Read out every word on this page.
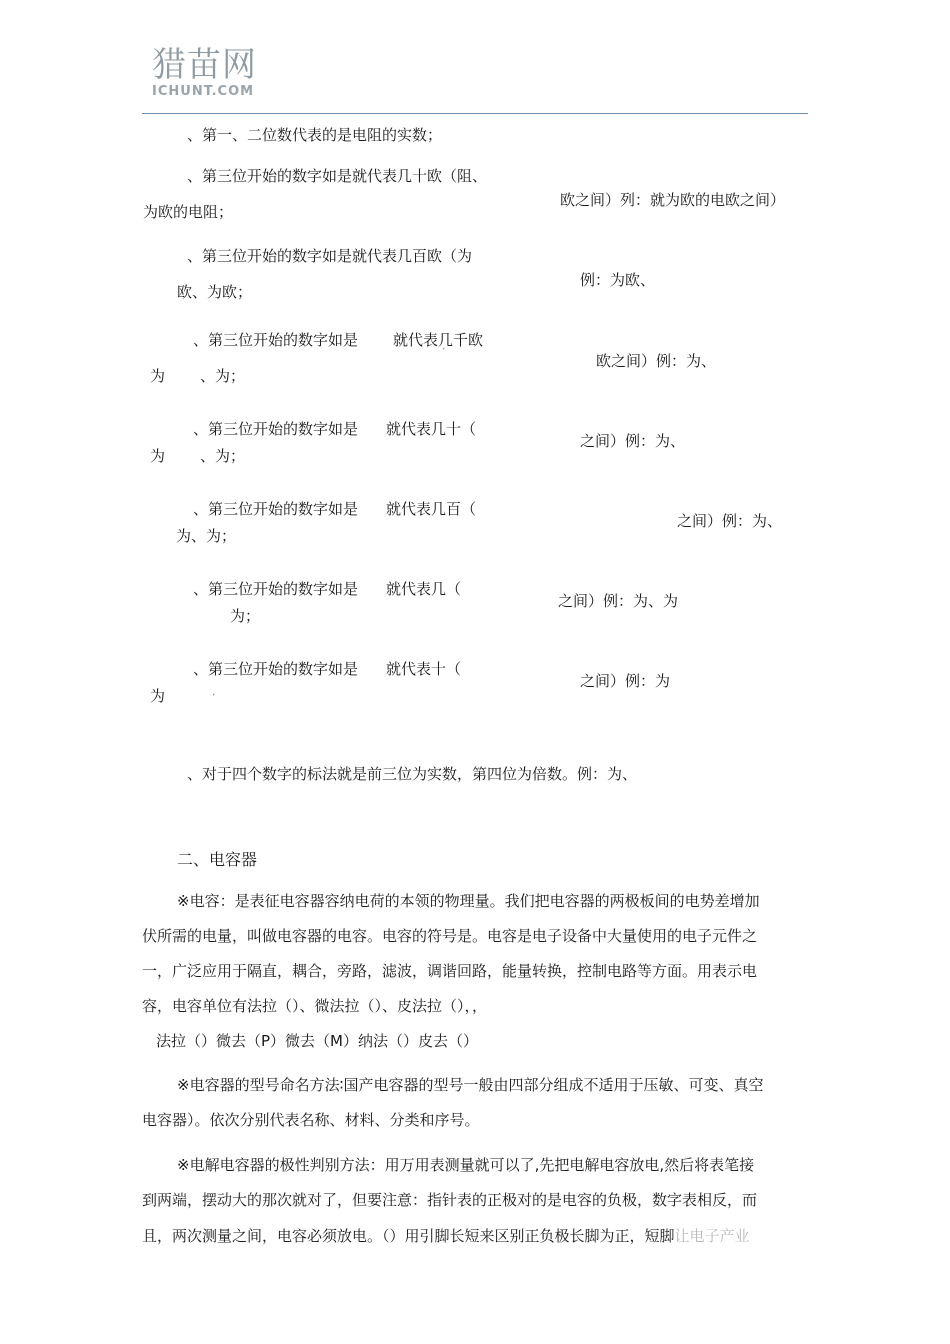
猎苗网
ICHUNT.COM
、第一、二位数代表的是电阻的实数；
、第三位开始的数字如是就代表几十欧（阻、
为欧的电阻；
欧之间）列：就为欧的电欧之间）
、第三位开始的数字如是就代表几百欧（为
欧、为欧；
例：为欧、
、第三位开始的数字如是 就代表几千欧
ˊ
为 、为；
欧之间）例：为、
、第三位开始的数字如是 就代表几十（
为 、为；
之间）例：为、
、第三位开始的数字如是 就代表几百（
为、为；
之间）例：为、
、第三位开始的数字如是 就代表几（
为；
之间）例：为、为
、第三位开始的数字如是 就代表十（
为	ˊ
之间）例：为
、对于四个数字的标法就是前三位为实数，第四位为倍数。例：为、
二、电容器
※电容：是表征电容器容纳电荷的本领的物理量。我们把电容器的两极板间的电势差增加
伏所需的电量，叫做电容器的电容。电容的符号是。电容是电子设备中大量使用的电子元件之
一，广泛应用于隔直，耦合，旁路，滤波，调谐回路，能量转换，控制电路等方面。用表示电
容，电容单位有法拉（）、微法拉（）、皮法拉（），，
法拉（）微去（P）微去（M）纳法（）皮去（）
※电容器的型号命名方法∶国产电容器的型号一般由四部分组成不适用于压敏、可变、真空
电容器）。依次分别代表名称、材料、分类和序号。
※电解电容器的极性判别方法：用万用表测量就可以了,先把电解电容放电,然后将表笔接
到两端，摆动大的那次就对了，但要注意：指针表的正极对的是电容的负极，数字表相反，而
且，两次测量之间，电容必须放电。（）用引脚长短来区别正负极长脚为正，短脚让电子产业
